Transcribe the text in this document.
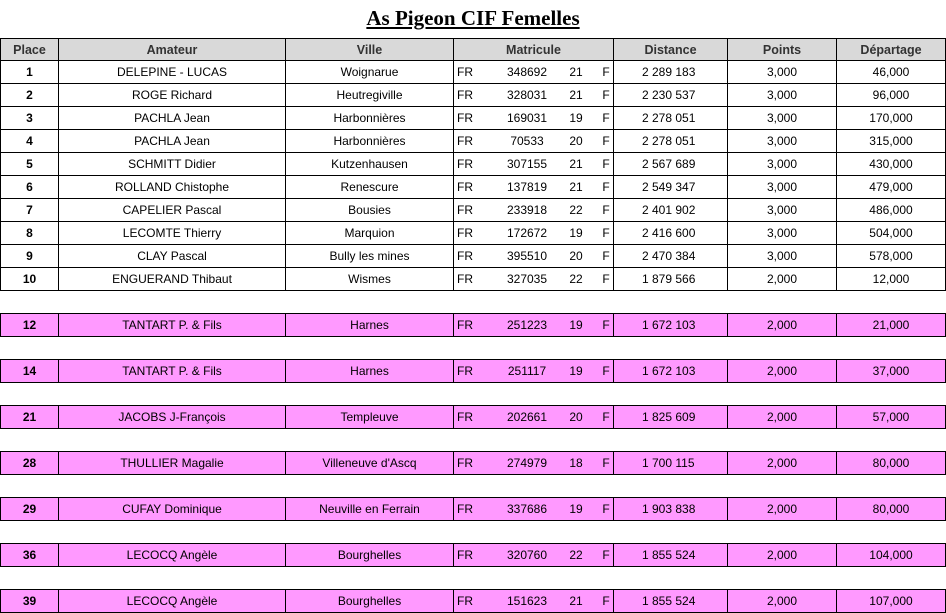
As Pigeon CIF Femelles
Place	Amateur	Ville	Matricule	Distance	Points	Départage
1	DELEPINE - LUCAS	Woignarue	FR 348692 21 F	2 289 183	3,000	46,000
2	ROGE Richard	Heutregiville	FR 328031 21 F	2 230 537	3,000	96,000
3	PACHLA Jean	Harbonnières	FR 169031 19 F	2 278 051	3,000	170,000
4	PACHLA Jean	Harbonnières	FR 70533 20 F	2 278 051	3,000	315,000
5	SCHMITT Didier	Kutzenhausen	FR 307155 21 F	2 567 689	3,000	430,000
6	ROLLAND Chistophe	Renescure	FR 137819 21 F	2 549 347	3,000	479,000
7	CAPELIER Pascal	Bousies	FR 233918 22 F	2 401 902	3,000	486,000
8	LECOMTE Thierry	Marquion	FR 172672 19 F	2 416 600	3,000	504,000
9	CLAY Pascal	Bully les mines	FR 395510 20 F	2 470 384	3,000	578,000
10	ENGUERAND Thibaut	Wismes	FR 327035 22 F	1 879 566	2,000	12,000

12	TANTART P. & Fils	Harnes	FR 251223 19 F	1 672 103	2,000	21,000

14	TANTART P. & Fils	Harnes	FR 251117 19 F	1 672 103	2,000	37,000

21	JACOBS J-François	Templeuve	FR 202661 20 F	1 825 609	2,000	57,000

28	THULLIER Magalie	Villeneuve d'Ascq	FR 274979 18 F	1 700 115	2,000	80,000

29	CUFAY Dominique	Neuville en Ferrain	FR 337686 19 F	1 903 838	2,000	80,000

36	LECOCQ Angèle	Bourghelles	FR 320760 22 F	1 855 524	2,000	104,000

39	LECOCQ Angèle	Bourghelles	FR 151623 21 F	1 855 524	2,000	107,000
